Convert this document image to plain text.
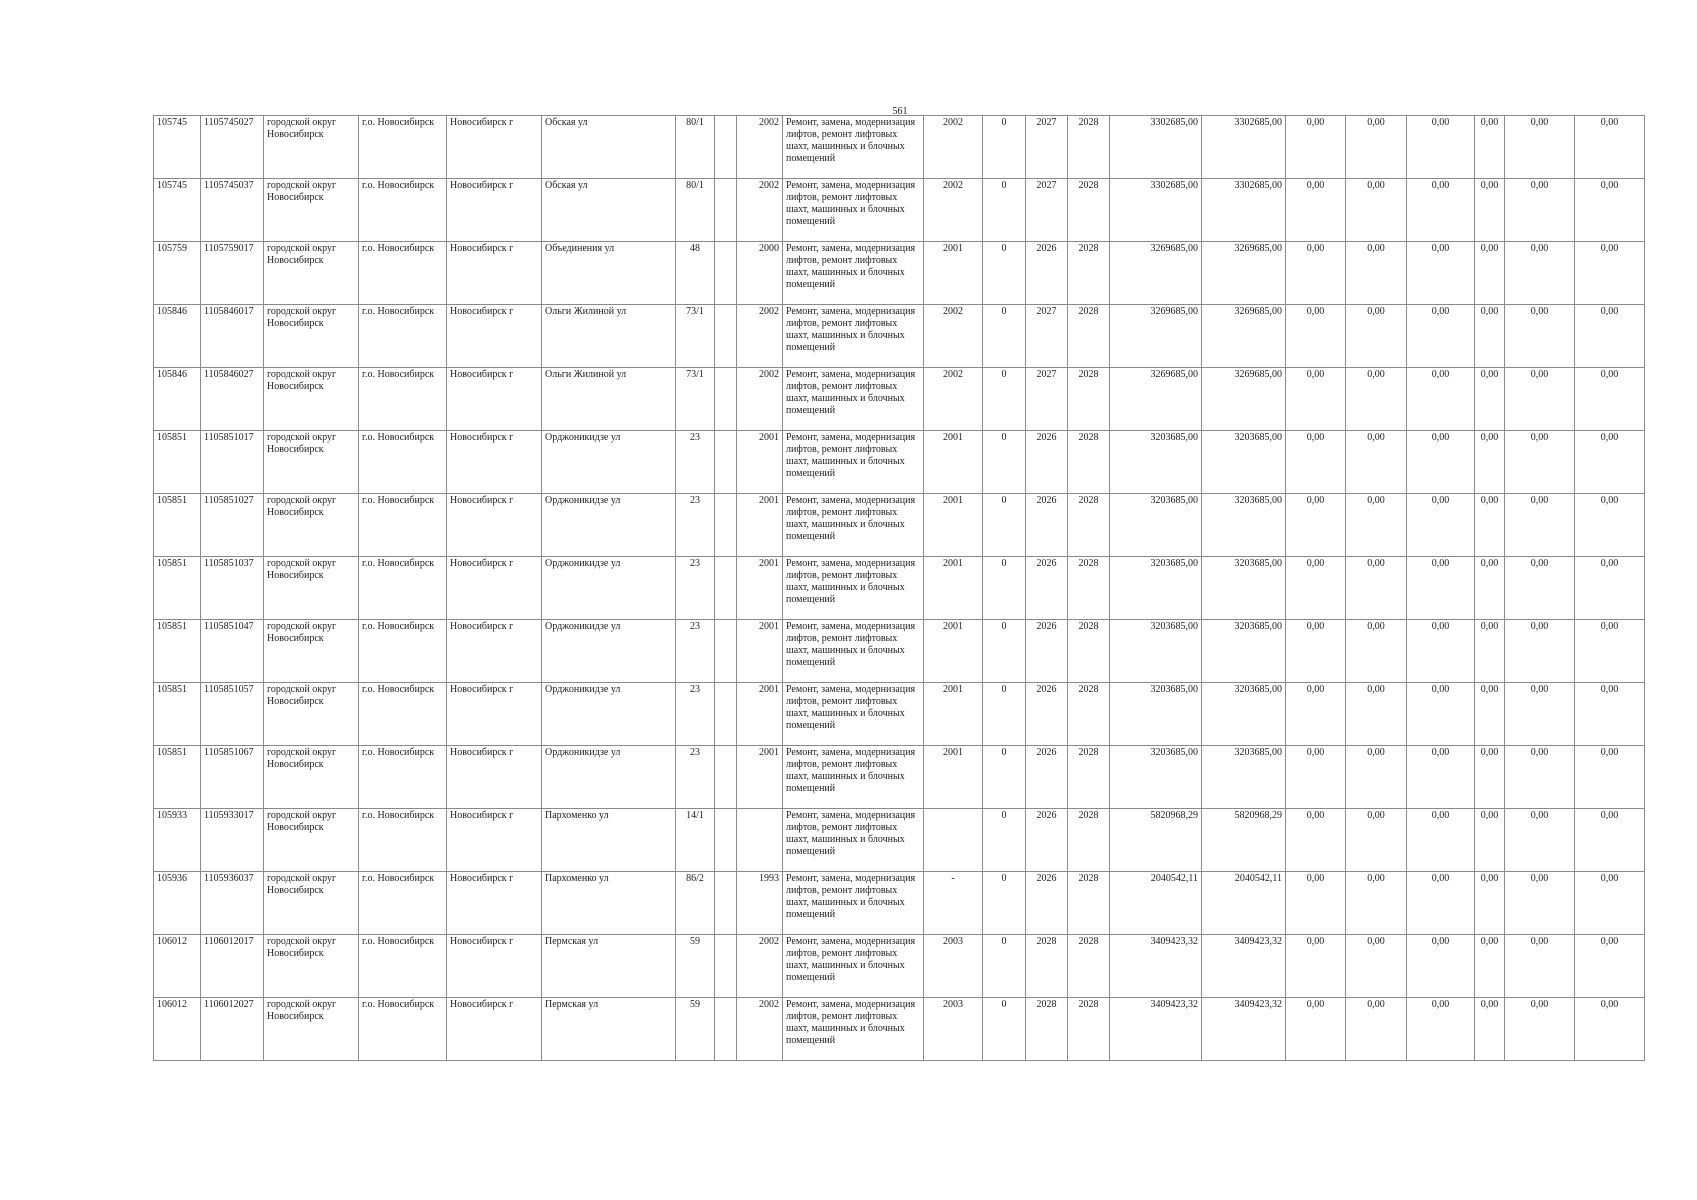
561
105745	1105745027	городской округ Новосибирск	г.о. Новосибирск	Новосибирск г	Обская ул	80/1		2002	Ремонт, замена, модернизация лифтов, ремонт лифтовых шахт, машинных и блочных помещений	2002	0	2027	2028	3302685,00	3302685,00	0,00	0,00	0,00	0,00	0,00	0,00
105745	1105745037	городской округ Новосибирск	г.о. Новосибирск	Новосибирск г	Обская ул	80/1		2002	Ремонт, замена, модернизация лифтов, ремонт лифтовых шахт, машинных и блочных помещений	2002	0	2027	2028	3302685,00	3302685,00	0,00	0,00	0,00	0,00	0,00	0,00
105759	1105759017	городской округ Новосибирск	г.о. Новосибирск	Новосибирск г	Объединения ул	48		2000	Ремонт, замена, модернизация лифтов, ремонт лифтовых шахт, машинных и блочных помещений	2001	0	2026	2028	3269685,00	3269685,00	0,00	0,00	0,00	0,00	0,00	0,00
105846	1105846017	городской округ Новосибирск	г.о. Новосибирск	Новосибирск г	Ольги Жилиной ул	73/1		2002	Ремонт, замена, модернизация лифтов, ремонт лифтовых шахт, машинных и блочных помещений	2002	0	2027	2028	3269685,00	3269685,00	0,00	0,00	0,00	0,00	0,00	0,00
105846	1105846027	городской округ Новосибирск	г.о. Новосибирск	Новосибирск г	Ольги Жилиной ул	73/1		2002	Ремонт, замена, модернизация лифтов, ремонт лифтовых шахт, машинных и блочных помещений	2002	0	2027	2028	3269685,00	3269685,00	0,00	0,00	0,00	0,00	0,00	0,00
105851	1105851017	городской округ Новосибирск	г.о. Новосибирск	Новосибирск г	Орджоникидзе ул	23		2001	Ремонт, замена, модернизация лифтов, ремонт лифтовых шахт, машинных и блочных помещений	2001	0	2026	2028	3203685,00	3203685,00	0,00	0,00	0,00	0,00	0,00	0,00
105851	1105851027	городской округ Новосибирск	г.о. Новосибирск	Новосибирск г	Орджоникидзе ул	23		2001	Ремонт, замена, модернизация лифтов, ремонт лифтовых шахт, машинных и блочных помещений	2001	0	2026	2028	3203685,00	3203685,00	0,00	0,00	0,00	0,00	0,00	0,00
105851	1105851037	городской округ Новосибирск	г.о. Новосибирск	Новосибирск г	Орджоникидзе ул	23		2001	Ремонт, замена, модернизация лифтов, ремонт лифтовых шахт, машинных и блочных помещений	2001	0	2026	2028	3203685,00	3203685,00	0,00	0,00	0,00	0,00	0,00	0,00
105851	1105851047	городской округ Новосибирск	г.о. Новосибирск	Новосибирск г	Орджоникидзе ул	23		2001	Ремонт, замена, модернизация лифтов, ремонт лифтовых шахт, машинных и блочных помещений	2001	0	2026	2028	3203685,00	3203685,00	0,00	0,00	0,00	0,00	0,00	0,00
105851	1105851057	городской округ Новосибирск	г.о. Новосибирск	Новосибирск г	Орджоникидзе ул	23		2001	Ремонт, замена, модернизация лифтов, ремонт лифтовых шахт, машинных и блочных помещений	2001	0	2026	2028	3203685,00	3203685,00	0,00	0,00	0,00	0,00	0,00	0,00
105851	1105851067	городской округ Новосибирск	г.о. Новосибирск	Новосибирск г	Орджоникидзе ул	23		2001	Ремонт, замена, модернизация лифтов, ремонт лифтовых шахт, машинных и блочных помещений	2001	0	2026	2028	3203685,00	3203685,00	0,00	0,00	0,00	0,00	0,00	0,00
105933	1105933017	городской округ Новосибирск	г.о. Новосибирск	Новосибирск г	Пархоменко ул	14/1			Ремонт, замена, модернизация лифтов, ремонт лифтовых шахт, машинных и блочных помещений		0	2026	2028	5820968,29	5820968,29	0,00	0,00	0,00	0,00	0,00	0,00
105936	1105936037	городской округ Новосибирск	г.о. Новосибирск	Новосибирск г	Пархоменко ул	86/2		1993	Ремонт, замена, модернизация лифтов, ремонт лифтовых шахт, машинных и блочных помещений	-	0	2026	2028	2040542,11	2040542,11	0,00	0,00	0,00	0,00	0,00	0,00
106012	1106012017	городской округ Новосибирск	г.о. Новосибирск	Новосибирск г	Пермская ул	59		2002	Ремонт, замена, модернизация лифтов, ремонт лифтовых шахт, машинных и блочных помещений	2003	0	2028	2028	3409423,32	3409423,32	0,00	0,00	0,00	0,00	0,00	0,00
106012	1106012027	городской округ Новосибирск	г.о. Новосибирск	Новосибирск г	Пермская ул	59		2002	Ремонт, замена, модернизация лифтов, ремонт лифтовых шахт, машинных и блочных помещений	2003	0	2028	2028	3409423,32	3409423,32	0,00	0,00	0,00	0,00	0,00	0,00
